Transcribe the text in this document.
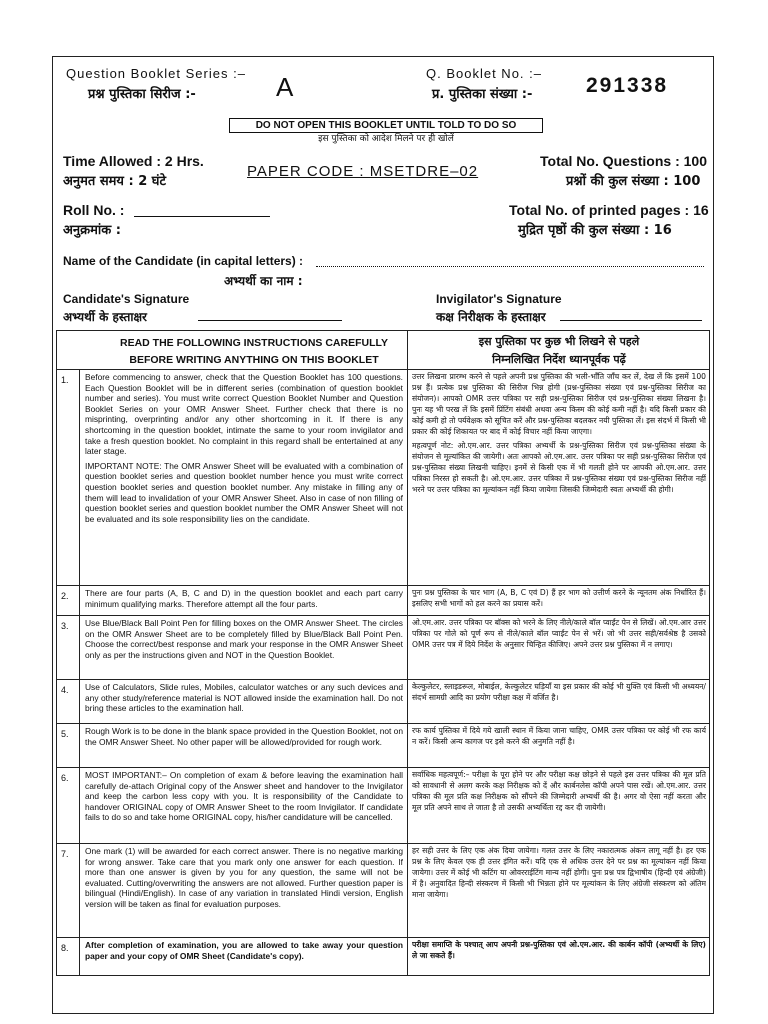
Question Booklet Series :–
प्रश्न पुस्तिका सिरीज :-	A	Q. Booklet No. :–
प्र. पुस्तिका संख्या :-	291338
DO NOT OPEN THIS BOOKLET UNTIL TOLD TO DO SO
इस पुस्तिका को आदेश मिलने पर ही खोलें
Time Allowed : 2 Hrs.
अनुमत समय : 2 घंटे
PAPER CODE : MSETDRE–02
Total No. Questions : 100
प्रश्नों की कुल संख्या : 100
Roll No. :
अनुक्रमांक :
Total No. of printed pages : 16
मुद्रित पृष्ठों की कुल संख्या : 16
Name of the Candidate (in capital letters) :
अभ्यर्थी का नाम :
Candidate's Signature
अभ्यर्थी के हस्ताक्षर
Invigilator's Signature
कक्ष निरीक्षक के हस्ताक्षर
READ THE FOLLOWING INSTRUCTIONS CAREFULLY
BEFORE WRITING ANYTHING ON THIS BOOKLET
इस पुस्तिका पर कुछ भी लिखने से पहले
निम्नलिखित निर्देश ध्यानपूर्वक पढ़ें
1.	Before commencing to answer, check that the Question Booklet has 100 questions. Each Question Booklet will be in different series (combination of question booklet number and series). You must write correct Question Booklet Number and Question Booklet Series on your OMR Answer Sheet. Further check that there is no misprinting, overprinting and/or any other shortcoming in it. If there is any shortcoming in the question booklet, intimate the same to your room invigilator and take a fresh question booklet. No complaint in this regard shall be entertained at any later stage.

IMPORTANT NOTE: The OMR Answer Sheet will be evaluated with a combination of question booklet series and question booklet number hence you must write correct question booklet series and question booklet number. Any mistake in filling any of them will lead to invalidation of your OMR Answer Sheet. Also in case of non filling of question booklet series and question booklet number the OMR Answer Sheet will not be evaluated and its sole responsibility lies on the candidate.

उत्तर लिखना प्रारम्भ करने से पहले अपनी प्रश्न पुस्तिका की भली-भाँति जाँच कर लें, देख लें कि इसमें 100 प्रश्न हैं। प्रत्येक प्रश्न पुस्तिका की सिरीज भिन्न होगी (प्रश्न-पुस्तिका संख्या एवं प्रश्न-पुस्तिका सिरीज का संयोजन)। आपको OMR उत्तर पत्रिका पर सही प्रश्न-पुस्तिका सिरीज एवं प्रश्न-पुस्तिका संख्या लिखना है। पुनः यह भी परख लें कि इसमें प्रिंटिंग संबंधी अथवा अन्य किस्म की कोई कमी नहीं है। यदि किसी प्रकार की कोई कमी हो तो पर्यवेक्षक को सूचित करें और प्रश्न-पुस्तिका बदलकर नयी पुस्तिका लें। इस संदर्भ में किसी भी प्रकार की कोई शिकायत पर बाद में कोई विचार नहीं किया जाएगा।

महत्वपूर्ण नोट: ओ.एम.आर. उत्तर पत्रिका अभ्यर्थी के प्रश्न-पुस्तिका सिरीज एवं प्रश्न-पुस्तिका संख्या के संयोजन से मूल्यांकित की जायेगी। अतः आपको ओ.एम.आर. उत्तर पत्रिका पर सही प्रश्न-पुस्तिका सिरीज एवं प्रश्न-पुस्तिका संख्या लिखनी चाहिए। इनमें से किसी एक में भी गलती होने पर आपकी ओ.एम.आर. उत्तर पत्रिका निरस्त हो सकती है। ओ.एम.आर. उत्तर पत्रिका में प्रश्न-पुस्तिका संख्या एवं प्रश्न-पुस्तिका सिरीज नहीं भरने पर उत्तर पत्रिका का मूल्यांकन नहीं किया जायेगा जिसकी जिम्मेदारी स्वतः अभ्यर्थी की होगी।

2.	There are four parts (A, B, C and D) in the question booklet and each part carry minimum qualifying marks. Therefore attempt all the four parts.
पुनः प्रश्न पुस्तिका के चार भाग (A, B, C एवं D) हैं हर भाग को उत्तीर्ण करने के न्यूनतम अंक निर्धारित हैं। इसलिए सभी भागों को हल करने का प्रयास करें।
3.	Use Blue/Black Ball Point Pen for filling boxes on the OMR Answer Sheet. The circles on the OMR Answer Sheet are to be completely filled by Blue/Black Ball Point Pen. Choose the correct/best response and mark your response in the OMR Answer Sheet only as per the instructions given and NOT in the Question Booklet.
ओ.एम.आर. उत्तर पत्रिका पर बॉक्स को भरने के लिए नीले/काले बॉल प्वाईंट पेन से लिखें। ओ.एम.आर उत्तर पत्रिका पर गोले को पूर्ण रूप से नीले/काले बॉल प्वाईंट पेन से भरें। जो भी उत्तर सही/सर्वश्रेष्ठ है उसको OMR उत्तर पत्र में दिये निर्देश के अनुसार चिन्हित कीजिए। अपने उत्तर प्रश्न पुस्तिका में न लगाए।
4.	Use of Calculators, Slide rules, Mobiles, calculator watches or any such devices and any other study/reference material is NOT allowed inside the examination hall. Do not bring these articles to the examination hall.
केल्कुलेटर, स्लाइडरूल, मोबाईल, केल्कुलेटर घड़ियाँ या इस प्रकार की कोई भी युक्ति एवं किसी भी अध्ययन/संदर्भ सामग्री आदि का प्रयोग परीक्षा कक्ष में वर्जित है।
5.	Rough Work is to be done in the blank space provided in the Question Booklet, not on the OMR Answer Sheet. No other paper will be allowed/provided for rough work.
रफ कार्य पुस्तिका में दिये गये खाली स्थान में किया जाना चाहिए, OMR उत्तर पत्रिका पर कोई भी रफ कार्य न करें। किसी अन्य कागज पर इसे करने की अनुमति नहीं है।
6.	MOST IMPORTANT:– On completion of exam & before leaving the examination hall carefully de-attach Original copy of the Answer sheet and handover to the Invigilator and keep the carbon less copy with you. It is responsibility of the Candidate to handover ORIGINAL copy of OMR Answer Sheet to the room Invigilator. If candidate fails to do so and take home ORIGINAL copy, his/her candidature will be cancelled.
सर्वाधिक महत्वपूर्ण:– परीक्षा के पूरा होने पर और परीक्षा कक्ष छोड़ने से पहले इस उत्तर पत्रिका की मूल प्रति को सावधानी से अलग करके कक्ष निरीक्षक को दें और कार्बनलेस कॉपी अपने पास रखें। ओ.एम.आर. उत्तर पत्रिका की मूल प्रति कक्ष निरीक्षक को सौंपने की जिम्मेदारी अभ्यर्थी की है। अगर वो ऐसा नहीं करता और मूल प्रति अपने साथ ले जाता है तो उसकी अभ्यर्थिता रद्द कर दी जायेगी।
7.	One mark (1) will be awarded for each correct answer. There is no negative marking for wrong answer. Take care that you mark only one answer for each question. If more than one answer is given by you for any question, the same will not be evaluated. Cutting/overwriting the answers are not allowed. Further question paper is bilingual (Hindi/English). In case of any variation in translated Hindi version, English version will be taken as final for evaluation purposes.
हर सही उत्तर के लिए एक अंक दिया जायेगा। गलत उत्तर के लिए नकारात्मक अंकन लागू नहीं है। हर एक प्रश्न के लिए केवल एक ही उत्तर इंगित करें। यदि एक से अधिक उत्तर देने पर प्रश्न का मूल्यांकन नहीं किया जायेगा। उत्तर में कोई भी कटिंग या ओवरराईटिंग मान्य नहीं होगी। पुनः प्रश्न पत्र द्विभाषीय (हिन्दी एवं अंग्रेजी) में है। अनुवादित हिन्दी संस्करण में किसी भी भिन्नता होने पर मूल्यांकन के लिए अंग्रेजी संस्करण को अंतिम माना जायेगा।
8.	After completion of examination, you are allowed to take away your question paper and your copy of OMR Sheet (Candidate's copy).
परीक्षा समाप्ति के पश्चात् आप अपनी प्रश्न-पुस्तिका एवं ओ.एम.आर. की कार्बन कॉपी (अभ्यर्थी के लिए) ले जा सकते हैं।
